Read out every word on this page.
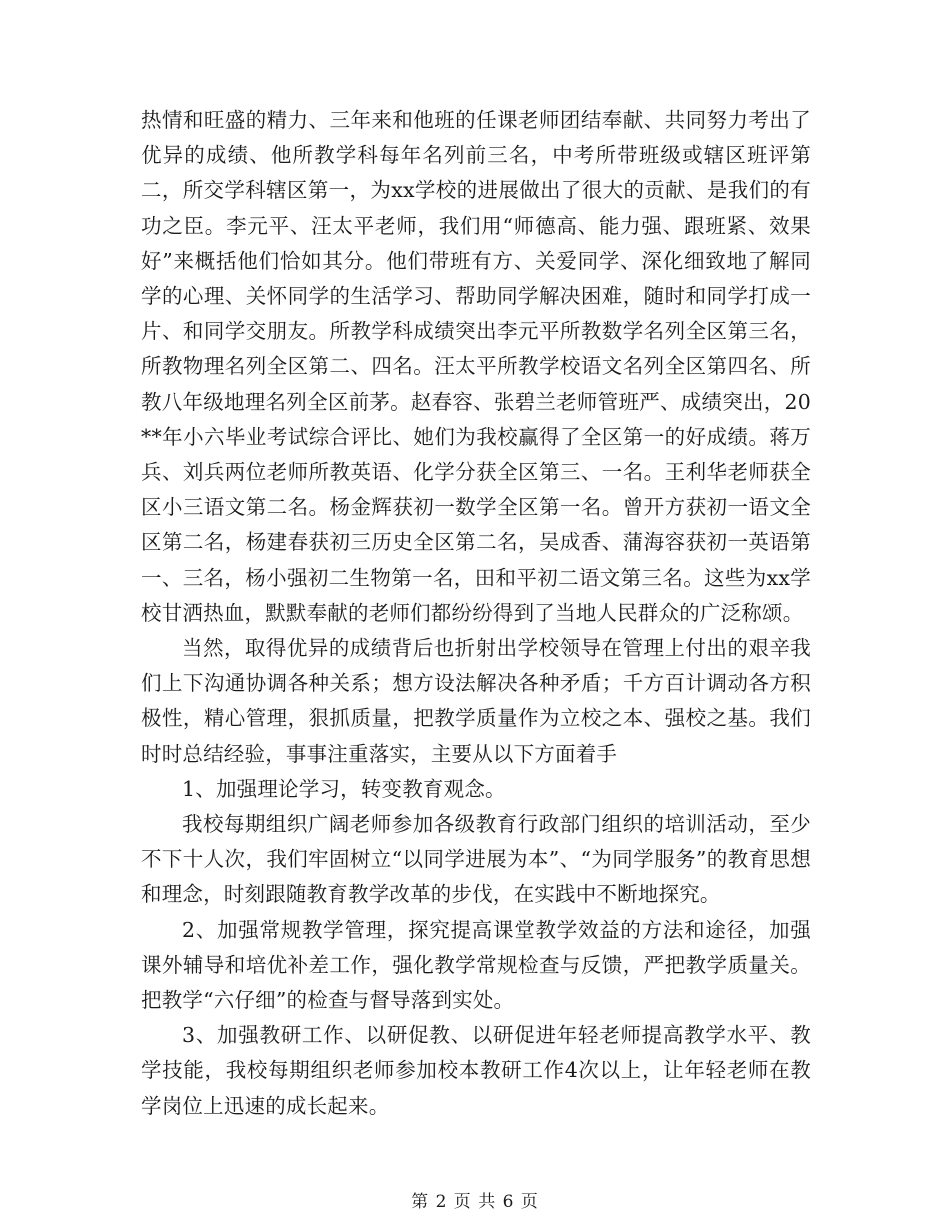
热情和旺盛的精力、三年来和他班的任课老师团结奉献、共同努力考出了优异的成绩、他所教学科每年名列前三名，中考所带班级或辖区班评第二，所交学科辖区第一，为xx学校的进展做出了很大的贡献、是我们的有功之臣。李元平、汪太平老师，我们用“师德高、能力强、跟班紧、效果好”来概括他们恰如其分。他们带班有方、关爱同学、深化细致地了解同学的心理、关怀同学的生活学习、帮助同学解决困难，随时和同学打成一片、和同学交朋友。所教学科成绩突出李元平所教数学名列全区第三名，所教物理名列全区第二、四名。汪太平所教学校语文名列全区第四名、所教八年级地理名列全区前茅。赵春容、张碧兰老师管班严、成绩突出，20**年小六毕业考试综合评比、她们为我校赢得了全区第一的好成绩。蒋万兵、刘兵两位老师所教英语、化学分获全区第三、一名。王利华老师获全区小三语文第二名。杨金辉获初一数学全区第一名。曾开方获初一语文全区第二名，杨建春获初三历史全区第二名，吴成香、蒲海容获初一英语第一、三名，杨小强初二生物第一名，田和平初二语文第三名。这些为xx学校甘洒热血，默默奉献的老师们都纷纷得到了当地人民群众的广泛称颂。

当然，取得优异的成绩背后也折射出学校领导在管理上付出的艰辛我们上下沟通协调各种关系；想方设法解决各种矛盾；千方百计调动各方积极性，精心管理，狠抓质量，把教学质量作为立校之本、强校之基。我们时时总结经验，事事注重落实，主要从以下方面着手

1、加强理论学习，转变教育观念。

我校每期组织广阔老师参加各级教育行政部门组织的培训活动，至少不下十人次，我们牢固树立“以同学进展为本”、“为同学服务”的教育思想和理念，时刻跟随教育教学改革的步伐，在实践中不断地探究。

2、加强常规教学管理，探究提高课堂教学效益的方法和途径，加强课外辅导和培优补差工作，强化教学常规检查与反馈，严把教学质量关。把教学“六仔细”的检查与督导落到实处。

3、加强教研工作、以研促教、以研促进年轻老师提高教学水平、教学技能，我校每期组织老师参加校本教研工作4次以上，让年轻老师在教学岗位上迅速的成长起来。

第 2 页 共 6 页
